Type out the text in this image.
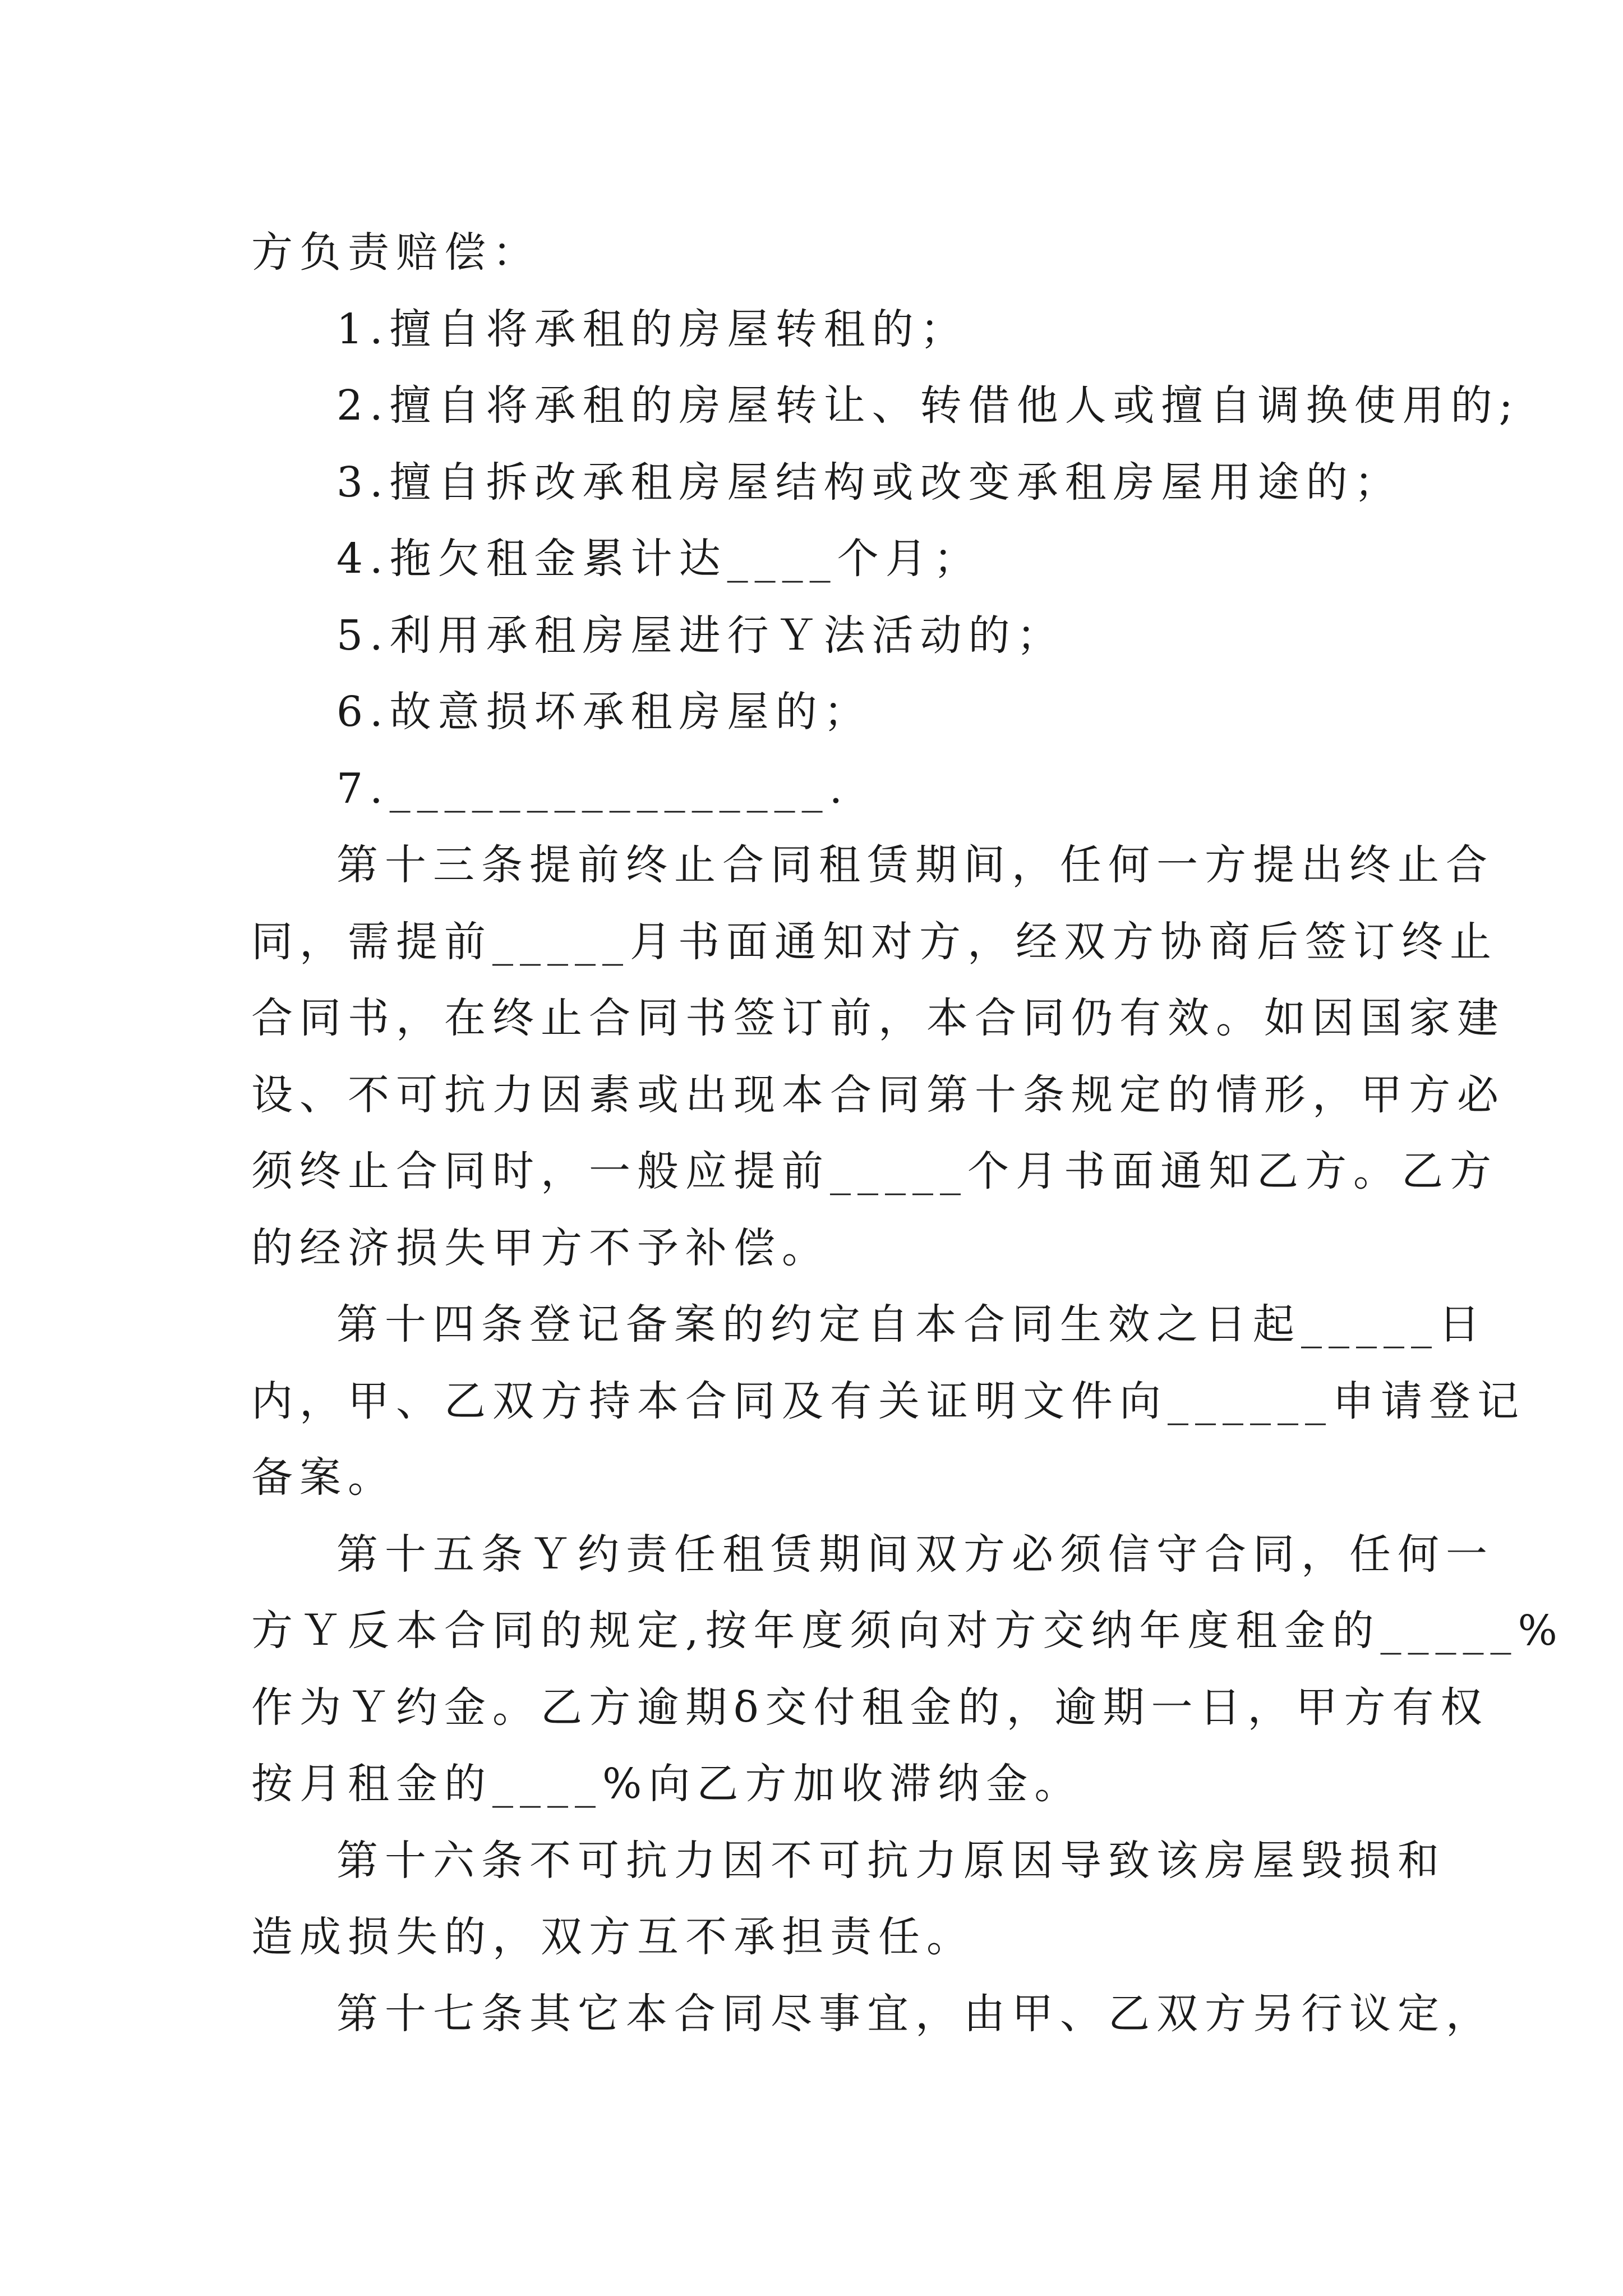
方负责赔偿：
1.擅自将承租的房屋转租的；
2.擅自将承租的房屋转让、转借他人或擅自调换使用的;
3.擅自拆改承租房屋结构或改变承租房屋用途的；
4.拖欠租金累计达____个月；
5.利用承租房屋进行Ｙ法活动的；
6.故意损坏承租房屋的；
7.________________.
第十三条提前终止合同租赁期间，任何一方提出终止合
同，需提前_____月书面通知对方，经双方协商后签订终止
合同书，在终止合同书签订前，本合同仍有效。如因国家建
设、不可抗力因素或出现本合同第十条规定的情形，甲方必
须终止合同时，一般应提前_____个月书面通知乙方。乙方
的经济损失甲方不予补偿。
第十四条登记备案的约定自本合同生效之日起_____日
内，甲、乙双方持本合同及有关证明文件向______申请登记
备案。
第十五条Ｙ约责任租赁期间双方必须信守合同，任何一
方Ｙ反本合同的规定,按年度须向对方交纳年度租金的_____%
作为Ｙ约金。乙方逾期δ交付租金的，逾期一日，甲方有权
按月租金的____%向乙方加收滞纳金。
第十六条不可抗力因不可抗力原因导致该房屋毁损和
造成损失的，双方互不承担责任。
第十七条其它本合同尽事宜，由甲、乙双方另行议定，
